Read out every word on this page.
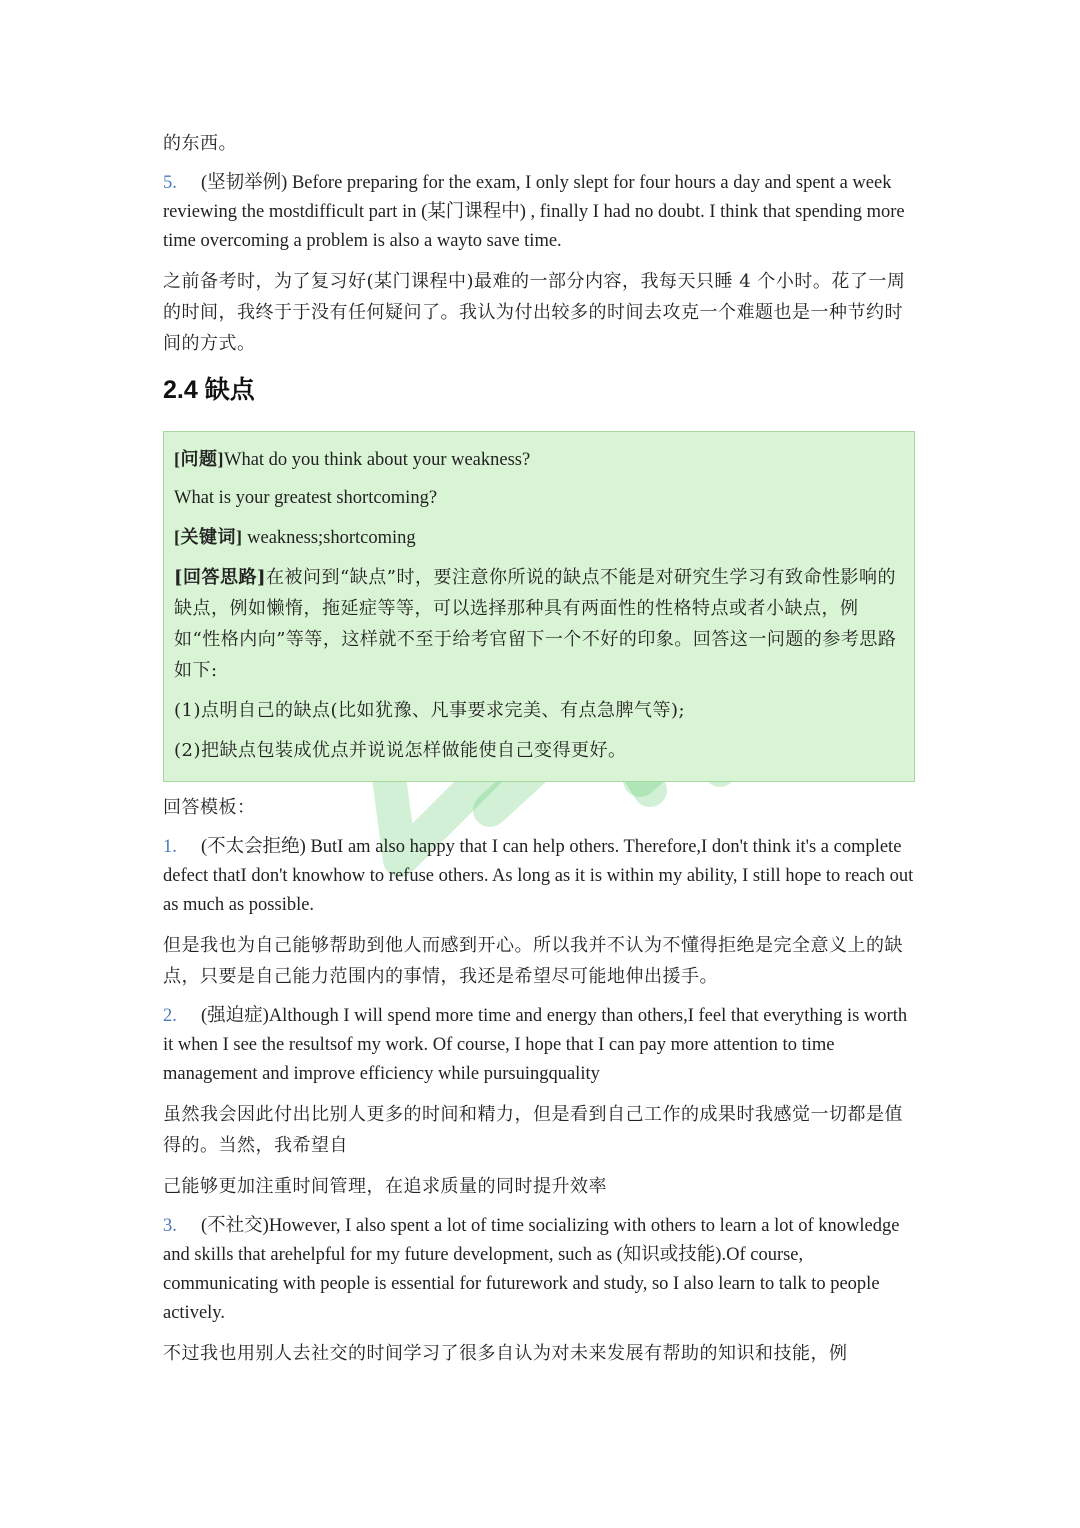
的东西。

5. (坚韧举例) Before preparing for the exam, I only slept for four hours a day and spent a week reviewing the mostdifficult part in (某门课程中) , finally I had no doubt. I think that spending more time overcoming a problem is also a wayto save time.

之前备考时，为了复习好(某门课程中)最难的一部分内容，我每天只睡 4 个小时。花了一周的时间，我终于于没有任何疑问了。我认为付出较多的时间去攻克一个难题也是一种节约时间的方式。

2.4 缺点

[问题]What do you think about your weakness?

What is your greatest shortcoming?

[关键词] weakness;shortcoming

[回答思路]在被问到“缺点”时，要注意你所说的缺点不能是对研究生学习有致命性影响的缺点，例如懒惰，拖延症等等，可以选择那种具有两面性的性格特点或者小缺点，例如“性格内向”等等，这样就不至于给考官留下一个不好的印象。回答这一问题的参考思路如下:

(1)点明自己的缺点(比如犹豫、凡事要求完美、有点急脾气等);

(2)把缺点包装成优点并说说怎样做能使自己变得更好。

回答模板：

1. (不太会拒绝) ButI am also happy that I can help others. Therefore,I don't think it's a complete defect thatI don't knowhow to refuse others. As long as it is within my ability, I still hope to reach out as much as possible.

但是我也为自己能够帮助到他人而感到开心。所以我并不认为不懂得拒绝是完全意义上的缺点，只要是自己能力范围内的事情，我还是希望尽可能地伸出援手。

2. (强迫症)Although I will spend more time and energy than others,I feel that everything is worth it when I see the resultsof my work. Of course, I hope that I can pay more attention to time management and improve efficiency while pursuingquality

虽然我会因此付出比别人更多的时间和精力，但是看到自己工作的成果时我感觉一切都是值得的。当然，我希望自

己能够更加注重时间管理，在追求质量的同时提升效率

3. (不社交)However, I also spent a lot of time socializing with others to learn a lot of knowledge and skills that arehelpful for my future development, such as (知识或技能).Of course, communicating with people is essential for futurework and study, so I also learn to talk to people actively.

不过我也用别人去社交的时间学习了很多自认为对未来发展有帮助的知识和技能，例
